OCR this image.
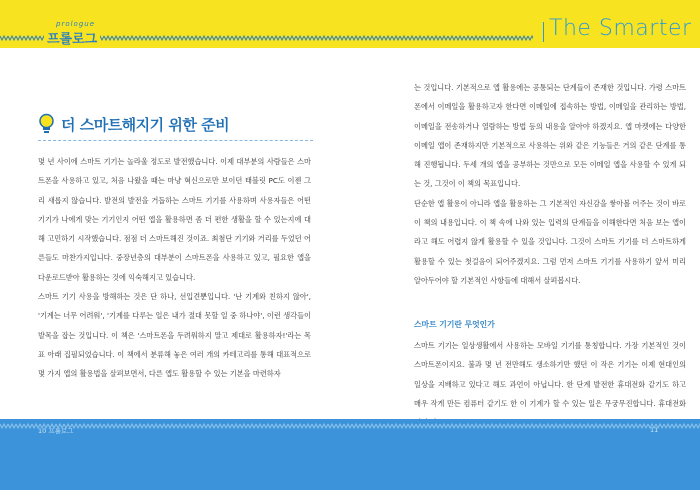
prologue
프롤로그	The Smarter
더 스마트해지기 위한 준비

몇 년 사이에 스마트 기기는 놀라울 정도로 발전했습니다. 이제 대부분의 사람들은 스마트폰을 사용하고 있고, 처음 나왔을 때는 마냥 혁신으로만 보이던 태블릿 PC도 이젠 그리 새롭지 않습니다. 발전의 발전을 거듭하는 스마트 기기를 사용하며 사용자들은 어떤 기기가 나에게 맞는 기기인지 어떤 앱을 활용하면 좀 더 편한 생활을 할 수 있는지에 대해 고민하기 시작했습니다. 점점 더 스마트해진 것이죠. 최첨단 기기와 거리를 두었던 어른들도 마찬가지입니다. 중장년층의 대부분이 스마트폰을 사용하고 있고, 필요한 앱을 다운로드받아 활용하는 것에 익숙해지고 있습니다.

스마트 기기 사용을 방해하는 것은 단 하나, 선입견뿐입니다. '난 기계와 친하지 않아', '기계는 너무 어려워', '기계를 다루는 일은 내가 절대 못할 일 중 하나야', 이런 생각들이 발목을 잡는 것입니다. 이 책은 '스마트폰을 두려워하지 말고 제대로 활용하자!'라는 목표 아래 집필되었습니다. 이 책에서 분류해 놓은 여러 개의 카테고리를 통해 대표적으로 몇 가지 앱의 활용법을 살펴보면서, 다른 앱도 활용할 수 있는 기본을 마련하자

는 것입니다. 기본적으로 앱 활용에는 공통되는 단계들이 존재한 것입니다. 가령 스마트폰에서 이메일을 활용하고자 한다면 이메일에 접속하는 방법, 이메일을 관리하는 방법, 이메일을 전송하거나 열람하는 방법 등의 내용을 알아야 하겠지요. 앱 마켓에는 다양한 이메일 앱이 존재하지만 기본적으로 사용하는 위와 같은 기능들은 거의 같은 단계를 통해 진행됩니다. 두세 개의 앱을 공부하는 것만으로 모든 이메일 앱을 사용할 수 있게 되는 것, 그것이 이 책의 목표입니다.

단순한 앱 활용이 아니라 앱을 활용하는 그 기본적인 자신감을 쌓아볼 어주는 것이 바로 이 책의 내용입니다. 이 책 속에 나와 있는 입력의 단계들을 이해한다면 처음 보는 앱이라고 해도 어렵지 않게 활용할 수 있을 것입니다. 그것이 스마트 기기를 더 스마트하게 활용할 수 있는 첫걸음이 되어주겠지요. 그럼 먼저 스마트 기기를 사용하기 앞서 미리 알아두어야 할 기본적인 사항들에 대해서 살펴봅시다.

스마트 기기란 무엇인가

스마트 기기는 일상생활에서 사용하는 모바일 기기를 통칭합니다. 가장 기본적인 것이 스마트폰이지요. 불과 몇 년 전만해도 생소하기만 했던 이 작은 기기는 이제 현대인의 일상을 지배하고 있다고 해도 과언이 아닙니다. 한 단계 발전한 휴대전화 같기도 하고 매우 작게 만든 컴퓨터 같기도 한 이 기계가 할 수 있는 일은 무궁무진합니다. 휴대전화

10 프롤로그	11
